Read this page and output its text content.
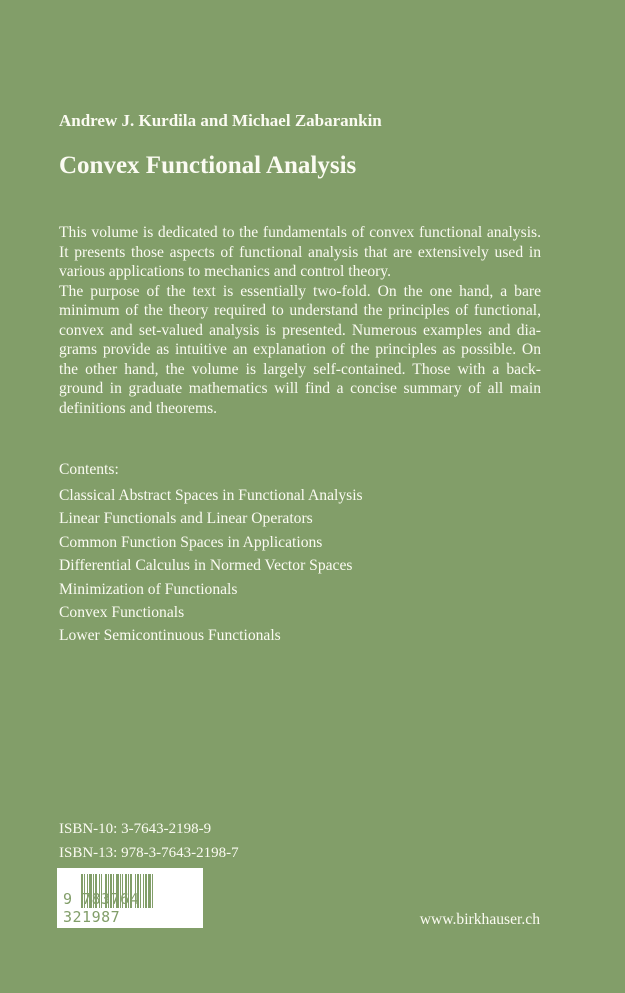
Andrew J. Kurdila and Michael Zabarankin
Convex Functional Analysis
This volume is dedicated to the fundamentals of convex functional analysis.
It presents those aspects of functional analysis that are extensively used in
various applications to mechanics and control theory.
The purpose of the text is essentially two-fold. On the one hand, a bare
minimum of the theory required to understand the principles of functional,
convex and set-valued analysis is presented. Numerous examples and dia-
grams provide as intuitive an explanation of the principles as possible. On
the other hand, the volume is largely self-contained. Those with a back-
ground in graduate mathematics will find a concise summary of all main
definitions and theorems.
Contents:
Classical Abstract Spaces in Functional Analysis
Linear Functionals and Linear Operators
Common Function Spaces in Applications
Differential Calculus in Normed Vector Spaces
Minimization of Functionals
Convex Functionals
Lower Semicontinuous Functionals
ISBN-10: 3-7643-2198-9
ISBN-13: 978-3-7643-2198-7
9 783764 321987	www.birkhauser.ch
